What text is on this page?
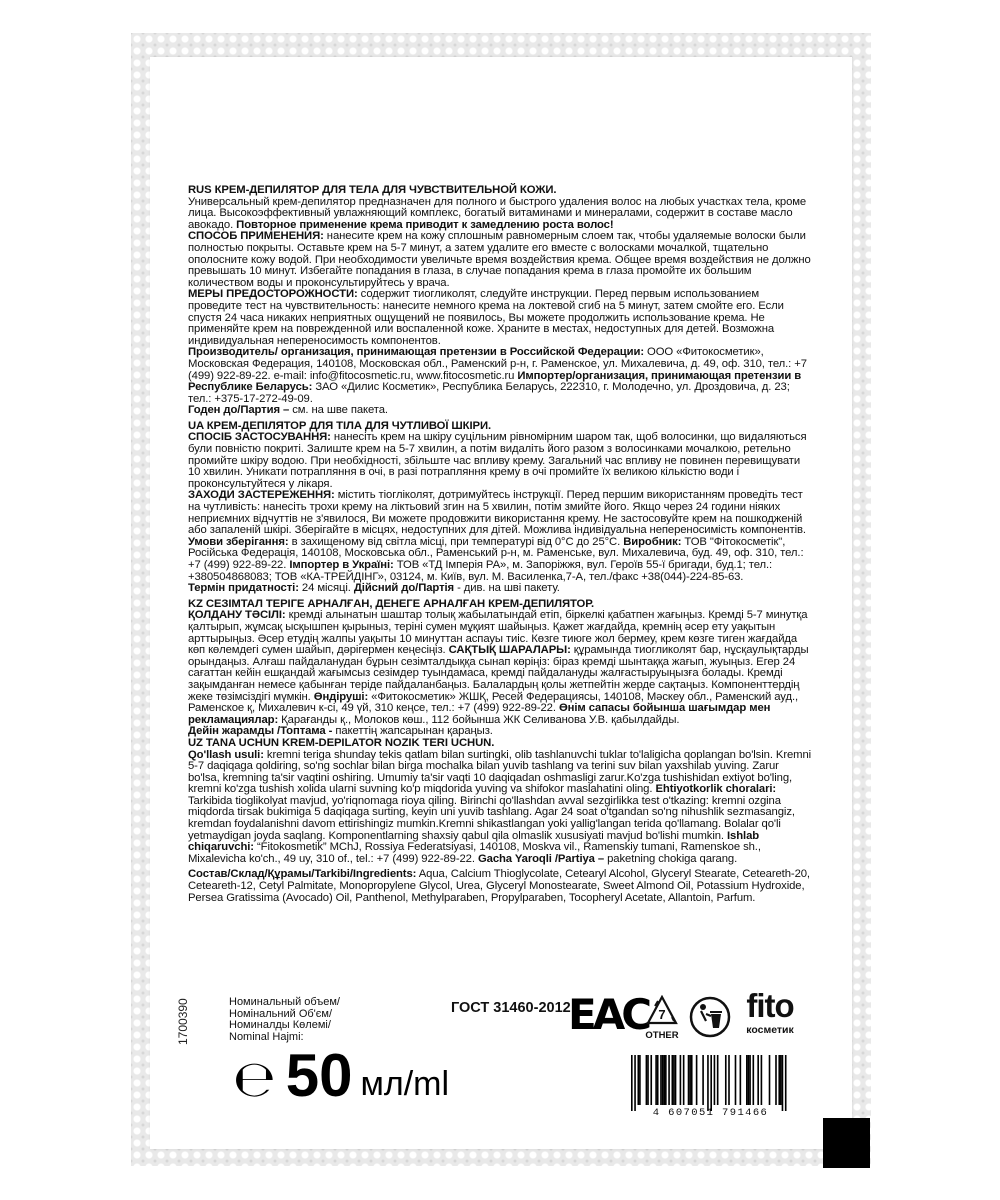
RUS КРЕМ-ДЕПИЛЯТОР ДЛЯ ТЕЛА ДЛЯ ЧУВСТВИТЕЛЬНОЙ КОЖИ.
Универсальный крем-депилятор предназначен для полного и быстрого удаления волос на любых участках тела, кроме лица. Высокоэффективный увлажняющий комплекс, богатый витаминами и минералами, содержит в составе масло авокадо. Повторное применение крема приводит к замедлению роста волос!
СПОСОБ ПРИМЕНЕНИЯ: нанесите крем на кожу сплошным равномерным слоем так, чтобы удаляемые волоски были полностью покрыты. Оставьте крем на 5-7 минут, а затем удалите его вместе с волосками мочалкой, тщательно ополосните кожу водой. При необходимости увеличьте время воздействия крема. Общее время воздействия не должно превышать 10 минут. Избегайте попадания в глаза, в случае попадания крема в глаза промойте их большим количеством воды и проконсультируйтесь у врача.
МЕРЫ ПРЕДОСТОРОЖНОСТИ: содержит тиогликолят, следуйте инструкции. Перед первым использованием проведите тест на чувствительность: нанесите немного крема на локтевой сгиб на 5 минут, затем смойте его. Если спустя 24 часа никаких неприятных ощущений не появилось, Вы можете продолжить использование крема. Не применяйте крем на поврежденной или воспаленной коже. Храните в местах, недоступных для детей. Возможна индивидуальная непереносимость компонентов.
Производитель/ организация, принимающая претензии в Российской Федерации: ООО «Фитокосметик», Московская Федерация, 140108, Московская обл., Раменский р-н, г. Раменское, ул. Михалевича, д. 49, оф. 310, тел.: +7 (499) 922-89-22. e-mail: info@fitocosmetic.ru, www.fitocosmetic.ru Импортер/организация, принимающая претензии в Республике Беларусь: ЗАО «Дилис Косметик», Республика Беларусь, 222310, г. Молодечно, ул. Дроздовича, д. 23; тел.: +375-17-272-49-09.
Годен до/Партия – см. на шве пакета.

UA КРЕМ-ДЕПІЛЯТОР ДЛЯ ТІЛА ДЛЯ ЧУТЛИВОЇ ШКІРИ.
СПОСІБ ЗАСТОСУВАННЯ: нанесіть крем на шкіру суцільним рівномірним шаром так, щоб волосинки, що видаляються були повністю покриті. Залиште крем на 5-7 хвилин, а потім видаліть його разом з волосинками мочалкою, ретельно промийте шкіру водою. При необхідності, збільште час впливу крему. Загальний час впливу не повинен перевищувати 10 хвилин. Уникати потрапляння в очі, в разі потрапляння крему в очі промийте їх великою кількістю води і проконсультуйтеся у лікаря.
ЗАХОДИ ЗАСТЕРЕЖЕННЯ: містить тіогліколят, дотримуйтесь інструкції. Перед першим використанням проведіть тест на чутливість: нанесіть трохи крему на ліктьовий згин на 5 хвилин, потім змийте його. Якщо через 24 години ніяких неприємних відчуттів не з'явилося, Ви можете продовжити використання крему. Не застосовуйте крем на пошкодженій або запаленій шкірі. Зберігайте в місцях, недоступних для дітей. Можлива індивідуальна непереносимість компонентів. Умови зберігання: в захищеному від світла місці, при температурі від 0°С до 25°С. Виробник: ТОВ "Фітокосметік", Російська Федерація, 140108, Московська обл., Раменський р-н, м. Раменське, вул. Михалевича, буд. 49, оф. 310, тел.: +7 (499) 922-89-22. Імпортер в Україні: ТОВ «ТД Імперія РА», м. Запоріжжя, вул. Героїв 55-ї бригади, буд.1; тел.: +380504868083; ТОВ «КА-ТРЕЙДІНГ», 03124, м. Київ, вул. М. Василенка,7-А, тел./факс +38(044)-224-85-63.
Термін придатності: 24 місяці. Дійсний до/Партія - див. на шві пакету.

KZ СЕЗІМТАЛ ТЕРІГЕ АРНАЛҒАН, ДЕНЕГЕ АРНАЛҒАН КРЕМ-ДЕПИЛЯТОР.
ҚОЛДАНУ ТӘСІЛІ: кремді алынатын шаштар толық жабылатындай етіп, біркелкі қабатпен жағыңыз. Кремді 5-7 минутқа қалтырып, жұмсақ ысқышпен қырыныз, теріні сумен мұқият шайыңыз. Қажет жағдайда, кремнің әсер ету уақытын арттырыңыз. Әсер етудің жалпы уақыты 10 минуттан аспауы тиіс. Көзге тиюге жол бермеу, крем көзге тиген жағдайда көп көлемдегі сумен шайып, дәрігермен кеңесіңіз. САҚТЫҚ ШАРАЛАРЫ: құрамында тиогликолят бар, нұсқаулықтарды орындаңыз. Алғаш пайдаланудан бұрын сезімталдыққа сынап көріңіз: біраз кремді шынтаққа жағып, жуыңыз. Егер 24 сағаттан кейін ешқандай жағымсыз сезімдер туындамаса, кремді пайдалануды жалғастыруыңызға болады. Кремді зақымданған немесе қабынған теріде пайдаланбаңыз. Балалардың қолы жетпейтін жерде сақтаңыз. Компоненттердің жеке төзімсіздігі мүмкін. Өндіруші: «Фитокосметик» ЖШҚ, Ресей Федерациясы, 140108, Мәскеу обл., Раменский ауд., Раменское қ, Михалевич к-сі, 49 үй, 310 кеңсе, тел.: +7 (499) 922-89-22. Өнім сапасы бойынша шағымдар мен рекламациялар: Қарағанды қ., Молоков көш., 112 бойынша ЖК Селиванова У.В. қабылдайды.
Дейін жарамды /Топтама - пакеттің жапсарынан қараңыз.

UZ TANA UCHUN KREM-DEPILATOR NOZIK TERI UCHUN.
Qo'llash usuli: kremni teriga shunday tekis qatlam bilan surtingki, olib tashlanuvchi tuklar to'laligicha qoplangan bo'lsin. Kremni 5-7 daqiqaga qoldiring, so'ng sochlar bilan birga mochalka bilan yuvib tashlang va terini suv bilan yaxshilab yuving. Zarur bo'lsa, kremning ta'sir vaqtini oshiring. Umumiy ta'sir vaqti 10 daqiqadan oshmasligi zarur.Ko'zga tushishidan extiyot bo'ling, kremni ko'zga tushish xolida ularni suvning ko'p miqdorida yuving va shifokor maslahatini oling. Ehtiyotkorlik choralari: Tarkibida tioglikolyat mavjud, yo'riqnomaga rioya qiling. Birinchi qo'llashdan avval sezgirlikka test o'tkazing: kremni ozgina miqdorda tirsak bukimiga 5 daqiqaga surting, keyin uni yuvib tashlang. Agar 24 soat o'tgandan so'ng nihushlik sezmasangiz, kremdan foydalanishni davom ettirishingiz mumkin.Kremni shikastlangan yoki yallig'langan terida qo'llamang. Bolalar qo'li yetmaydigan joyda saqlang. Komponentlarning shaxsiy qabul qila olmaslik xususiyati mavjud bo'lishi mumkin. Ishlab chiqaruvchi: “Fitokosmetik” MChJ, Rossiya Federatsiyasi, 140108, Moskva vil., Ramenskiy tumani, Ramenskoe sh., Mixalevicha ko'ch., 49 uy, 310 of., tel.: +7 (499) 922-89-22. Gacha Yaroqli /Partiya – paketning chokiga qarang.

Состав/Склад/Құрамы/Tarkibi/Ingredients: Aqua, Calcium Thioglycolate, Cetearyl Alcohol, Glyceryl Stearate, Ceteareth-20, Ceteareth-12, Cetyl Palmitate, Monopropylene Glycol, Urea, Glyceryl Monostearate, Sweet Almond Oil, Potassium Hydroxide, Persea Gratissima (Avocado) Oil, Panthenol, Methylparaben, Propylparaben, Tocopheryl Acetate, Allantoin, Parfum.

1700390	Номинальный объем/
Номінальний Об'єм/
Номиналды Көлемі/
Nominal Hajmi:
℮ 50 мл/ml
ГОСТ 31460-2012
EAC 7
OTHER
fito
косметик
4 607051 791466
